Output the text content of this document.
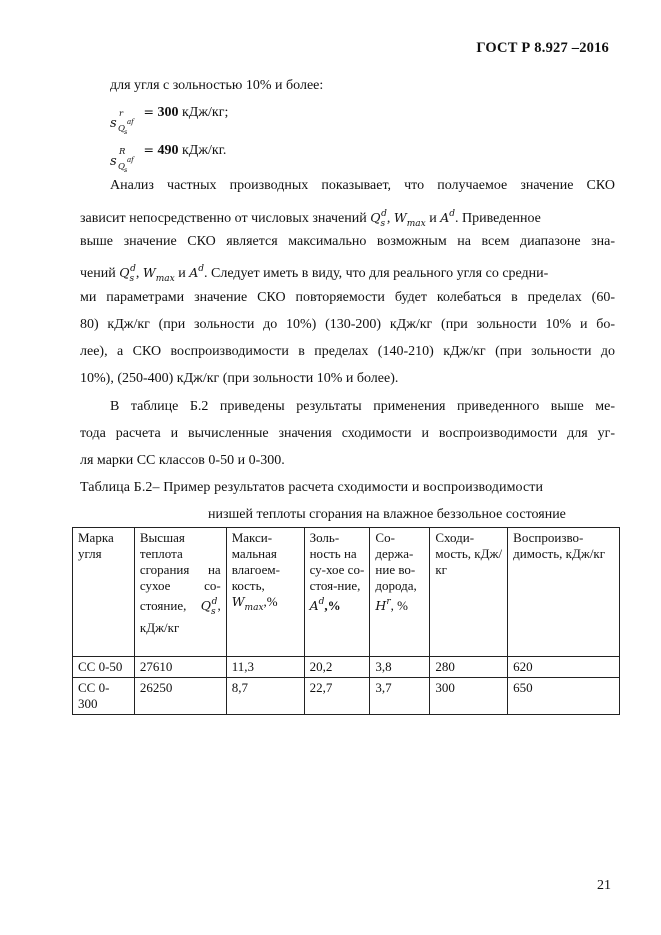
ГОСТ Р 8.927 –2016
для угля с зольностью 10% и более:
s
r
Q s
af
= 300 кДж/кг;
s
R
Q s
af
= 490 кДж/кг.
Анализ частных производных показывает, что получаемое значение СКО
зависит непосредственно от числовых значений $Q_s^d$, $W_{max}$ и $A^d$. Приведенное
выше значение СКО является максимально возможным на всем диапазоне зна-
чений $Q_s^d$, $W_{max}$ и $A^d$. Следует иметь в виду, что для реального угля со средни-
ми параметрами значение СКО повторяемости будет колебаться в пределах (60-
80) кДж/кг (при зольности до 10%) (130-200) кДж/кг (при зольности 10% и бо-
лее), а СКО воспроизводимости в пределах (140-210) кДж/кг (при зольности до
10%), (250-400) кДж/кг (при зольности 10% и более).
В таблице Б.2 приведены результаты применения приведенного выше ме-
тода расчета и вычисленные значения сходимости и воспроизводимости для уг-
ля марки СС классов 0-50 и 0-300.
Таблица Б.2– Пример результатов расчета сходимости и воспроизводимости
низшей теплоты сгорания на влажное беззольное состояние
Марка угля	Высшая теплота сгорания на сухое со-стояние, $Q_s^d$, кДж/кг	Макси-мальная влагоем-кость, $W_{max},\%$	Золь-ность на су-хое со-стоя-ние, $A^d,\%$	Со-держа-ние во-дорода, $H^r$, %	Сходи-мость, кДж/кг	Воспроизво-димость, кДж/кг
СС 0-50	27610	11,3	20,2	3,8	280	620
СС 0-300	26250	8,7	22,7	3,7	300	650
21
